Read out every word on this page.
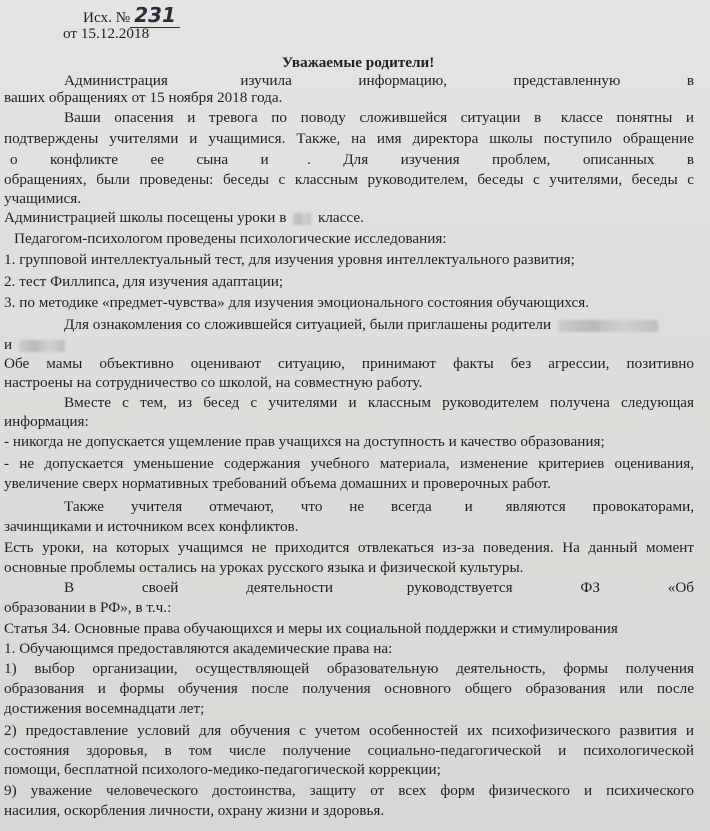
Исх. № 231
от 15.12.2018
Уважаемые родители!
Администрация	изучила информацию, представленную в
ваших обращениях от 15 ноября 2018 года.
Ваши опасения и тревога по поводу сложившейся ситуации в классе понятны и
подтверждены учителями и учащимися. Также, на имя директора школы поступило обращение
о конфликте ее сына и	. Для изучения проблем, описанных в
обращениях, были проведены: беседы с классным руководителем, беседы с учителями, беседы с
учащимися.
Администрацией школы посещены уроки в классе.
Педагогом-психологом проведены психологические исследования:
1. групповой интеллектуальный тест, для изучения уровня интеллектуального развития;
2. тест Филлипса, для изучения адаптации;
3. по методике «предмет-чувства» для изучения эмоционального состояния обучающихся.
Для ознакомления со сложившейся ситуацией, были приглашены родители
и
Обе мамы объективно оценивают ситуацию, принимают факты без агрессии, позитивно
настроены на сотрудничество со школой, на совместную работу.
Вместе с тем, из бесед с учителями и классным руководителем получена следующая
информация:
- никогда не допускается ущемление прав учащихся на доступность и качество образования;
- не допускается уменьшение содержания учебного материала, изменение критериев оценивания,
увеличение сверх нормативных требований объема домашних и проверочных работ.
Также учителя отмечают, что не всегда и являются провокаторами,
зачинщиками и источником всех конфликтов.
Есть уроки, на которых учащимся не приходится отвлекаться из-за поведения. На данный момент
основные проблемы остались на уроках русского языка и физической культуры.
В своей деятельности	руководствуется ФЗ «Об
образовании в РФ», в т.ч.:
Статья 34. Основные права обучающихся и меры их социальной поддержки и стимулирования
1. Обучающимся предоставляются академические права на:
1) выбор организации, осуществляющей образовательную деятельность, формы получения
образования и формы обучения после получения основного общего образования или после
достижения восемнадцати лет;
2) предоставление условий для обучения с учетом особенностей их психофизического развития и
состояния здоровья, в том числе получение социально-педагогической и психологической
помощи, бесплатной психолого-медико-педагогической коррекции;
9) уважение человеческого достоинства, защиту от всех форм физического и психического
насилия, оскорбления личности, охрану жизни и здоровья.
